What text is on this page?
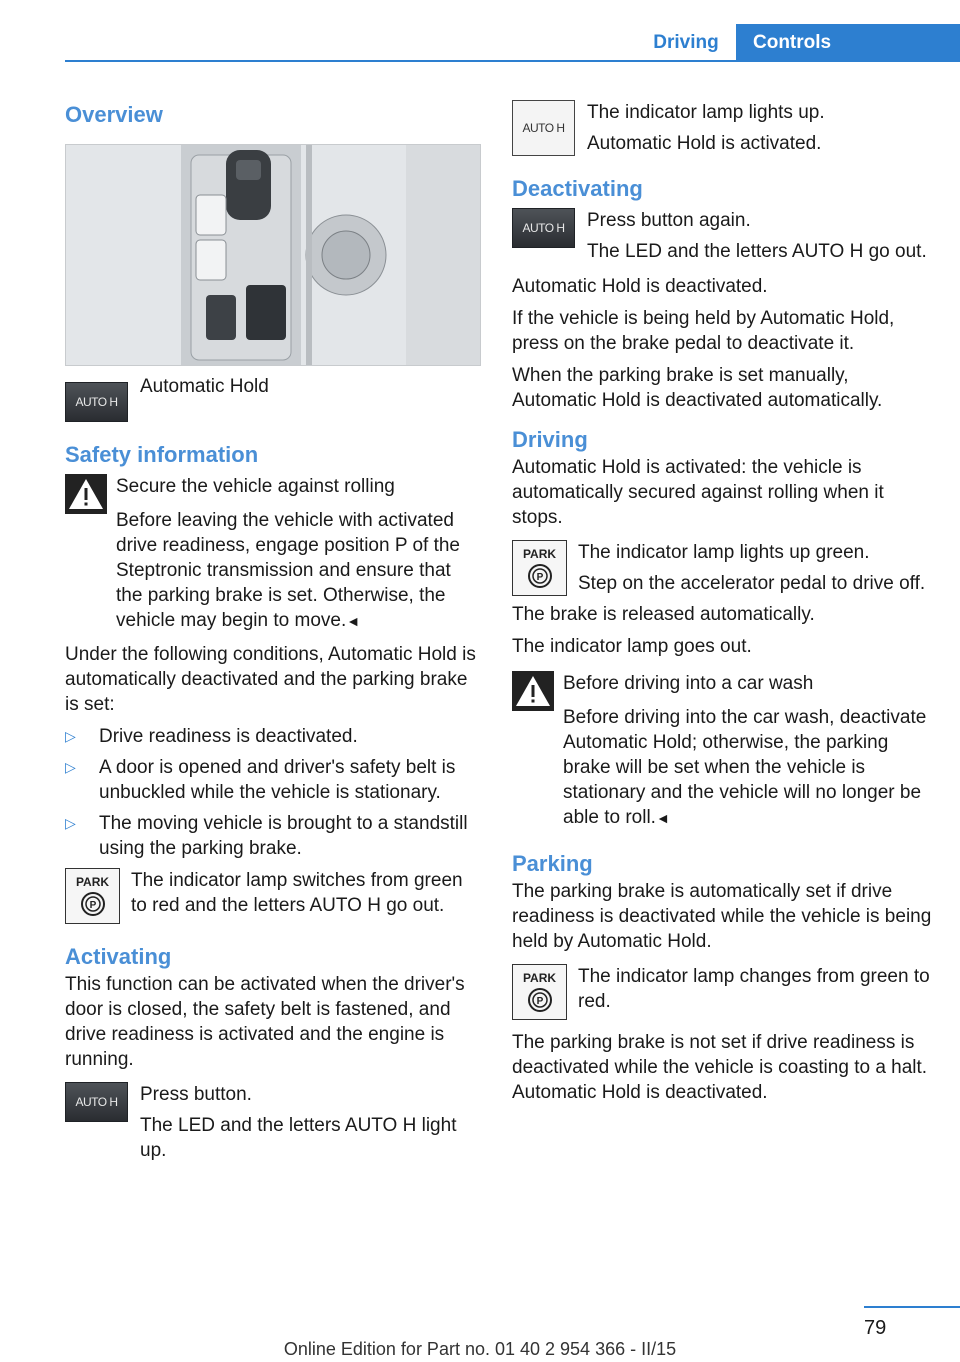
Driving	Controls
Overview
AUTO H
Automatic Hold
Safety information
Secure the vehicle against rolling
Before leaving the vehicle with activated drive readiness, engage position P of the Steptronic transmission and ensure that the parking brake is set. Otherwise, the vehicle may begin to move.◄

Under the following conditions, Automatic Hold is automatically deactivated and the parking brake is set:

▷ Drive readiness is deactivated.
▷ A door is opened and driver's safety belt is unbuckled while the vehicle is stationary.
▷ The moving vehicle is brought to a standstill using the parking brake.
PARK
P
The indicator lamp switches from green to red and the letters AUTO H go out.
Activating

This function can be activated when the driver's door is closed, the safety belt is fastened, and drive readiness is activated and the engine is running.

AUTO H	Press button.
The LED and the letters AUTO H light up.
AUTO H
The indicator lamp lights up.
Automatic Hold is activated.
Deactivating
AUTO H	Press button again.
The LED and the letters AUTO H go out.

Automatic Hold is deactivated.

If the vehicle is being held by Automatic Hold, press on the brake pedal to deactivate it.

When the parking brake is set manually, Automatic Hold is deactivated automatically.

Driving

Automatic Hold is activated: the vehicle is automatically secured against rolling when it stops.

PARK
P
The indicator lamp lights up green.
Step on the accelerator pedal to drive off.

The brake is released automatically.

The indicator lamp goes out.

Before driving into a car wash
Before driving into the car wash, deactivate Automatic Hold; otherwise, the parking brake will be set when the vehicle is stationary and the vehicle will no longer be able to roll.◄
Parking

The parking brake is automatically set if drive readiness is deactivated while the vehicle is being held by Automatic Hold.

PARK
P
The indicator lamp changes from green to red.

The parking brake is not set if drive readiness is deactivated while the vehicle is coasting to a halt. Automatic Hold is deactivated.

79
Online Edition for Part no. 01 40 2 954 366 - II/15
